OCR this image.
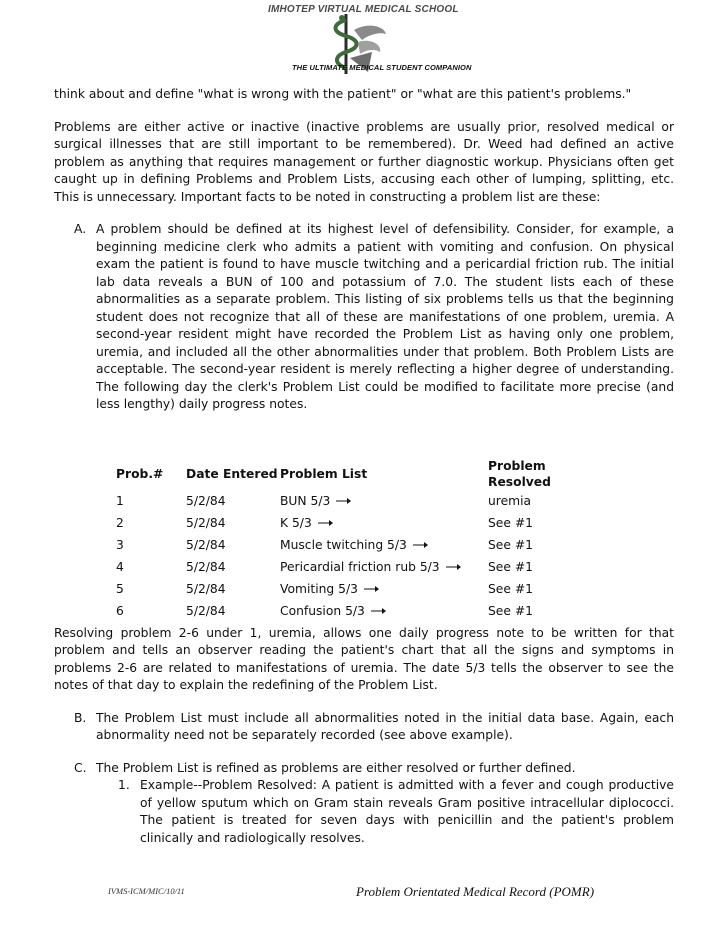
IMHOTEP VIRTUAL MEDICAL SCHOOL
THE ULTIMATE MEDICAL STUDENT COMPANION

think about and define "what is wrong with the patient" or "what are this patient's problems."

Problems are either active or inactive (inactive problems are usually prior, resolved medical or surgical illnesses that are still important to be remembered). Dr. Weed had defined an active problem as anything that requires management or further diagnostic workup. Physicians often get caught up in defining Problems and Problem Lists, accusing each other of lumping, splitting, etc. This is unnecessary. Important facts to be noted in constructing a problem list are these:

A. A problem should be defined at its highest level of defensibility. Consider, for example, a beginning medicine clerk who admits a patient with vomiting and confusion. On physical exam the patient is found to have muscle twitching and a pericardial friction rub. The initial lab data reveals a BUN of 100 and potassium of 7.0. The student lists each of these abnormalities as a separate problem. This listing of six problems tells us that the beginning student does not recognize that all of these are manifestations of one problem, uremia. A second-year resident might have recorded the Problem List as having only one problem, uremia, and included all the other abnormalities under that problem. Both Problem Lists are acceptable. The second-year resident is merely reflecting a higher degree of understanding. The following day the clerk's Problem List could be modified to facilitate more precise (and less lengthy) daily progress notes.
Prob.#	Date Entered	Problem List	Problem Resolved
1	5/2/84	BUN 5/3	uremia
2	5/2/84	K 5/3	See #1
3	5/2/84	Muscle twitching 5/3	See #1
4	5/2/84	Pericardial friction rub 5/3	See #1
5	5/2/84	Vomiting 5/3	See #1
6	5/2/84	Confusion 5/3	See #1

Resolving problem 2-6 under 1, uremia, allows one daily progress note to be written for that problem and tells an observer reading the patient's chart that all the signs and symptoms in problems 2-6 are related to manifestations of uremia. The date 5/3 tells the observer to see the notes of that day to explain the redefining of the Problem List.

B. The Problem List must include all abnormalities noted in the initial data base. Again, each abnormality need not be separately recorded (see above example).
C. The Problem List is refined as problems are either resolved or further defined.
1. Example--Problem Resolved: A patient is admitted with a fever and cough productive of yellow sputum which on Gram stain reveals Gram positive intracellular diplococci. The patient is treated for seven days with penicillin and the patient's problem clinically and radiologically resolves.
IVMS-ICM/MIC/10/11	Problem Orientated Medical Record (POMR)
